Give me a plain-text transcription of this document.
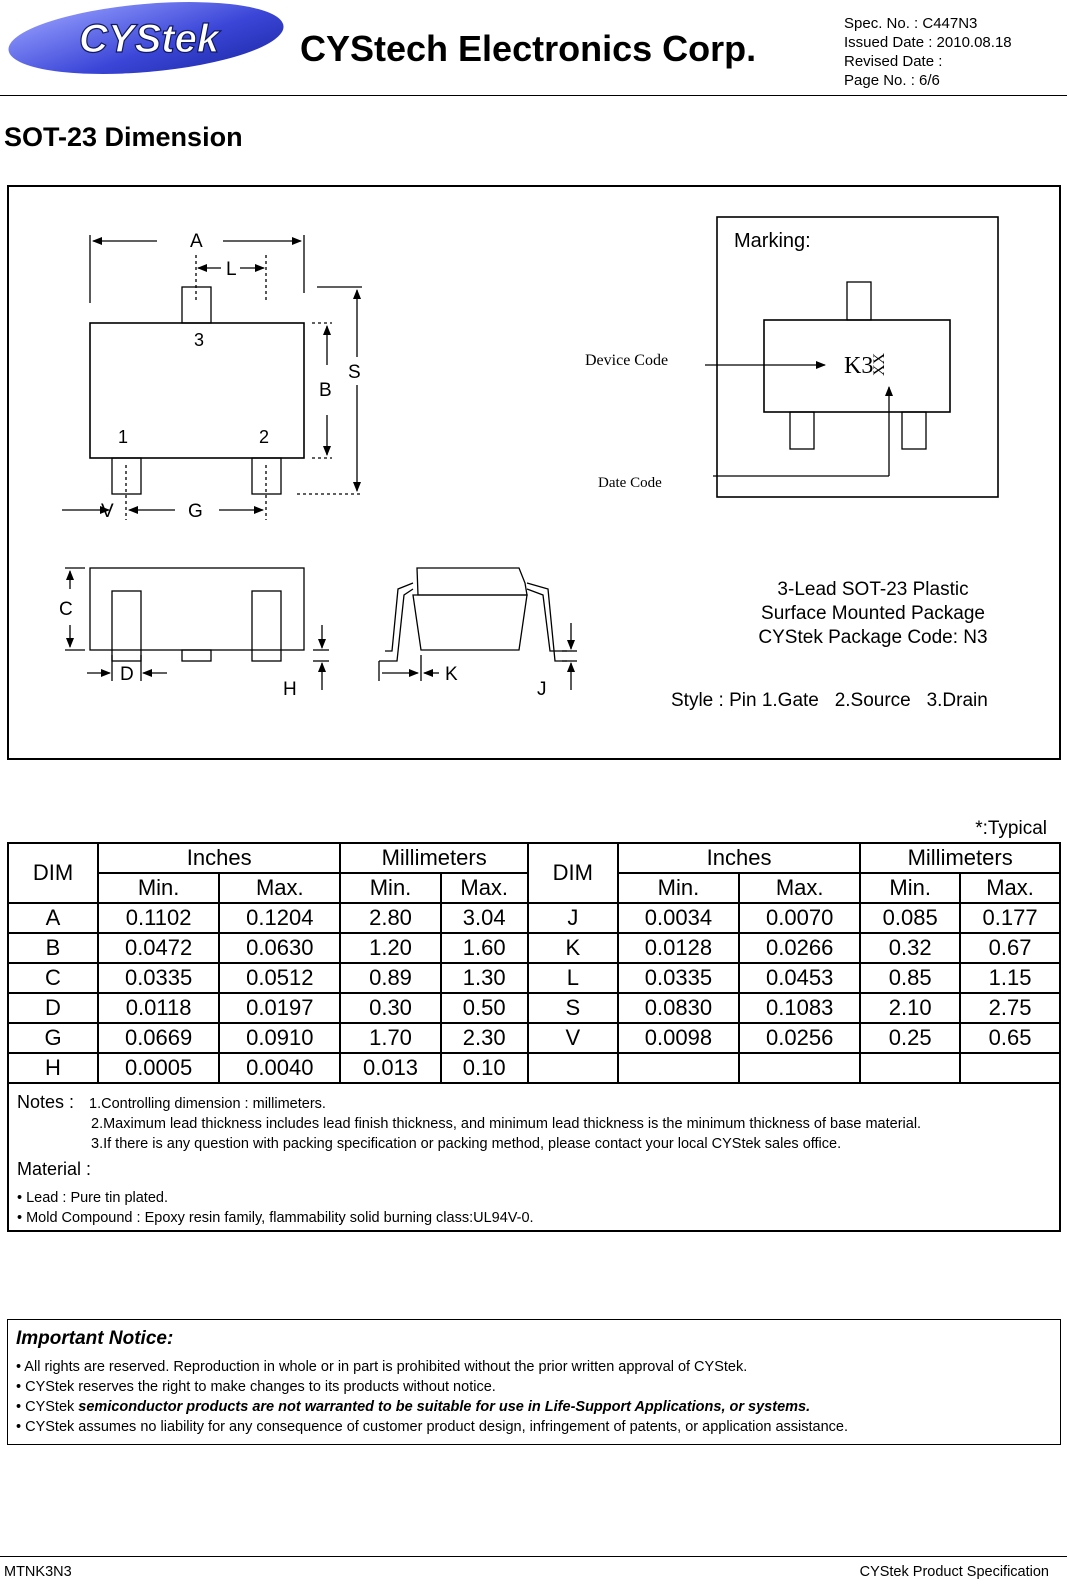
CYStek CYStech Electronics Corp.
Spec. No. : C447N3
Issued Date : 2010.08.18
Revised Date :
Page No. : 6/6
SOT-23 Dimension
A
L
S
B
V	G
3
1	2
C
D
H
K
J
Marking:
Device Code
Date Code
K3
XX
3-Lead SOT-23 Plastic
Surface Mounted Package
CYStek Package Code: N3
Style : Pin 1.Gate   2.Source   3.Drain
*:Typical
DIM	Inches		Millimeters		DIM	Inches		Millimeters	
	Min.	Max.	Min.	Max.		Min.	Max.	Min.	Max.
A	0.1102	0.1204	2.80	3.04	J	0.0034	0.0070	0.085	0.177
B	0.0472	0.0630	1.20	1.60	K	0.0128	0.0266	0.32	0.67
C	0.0335	0.0512	0.89	1.30	L	0.0335	0.0453	0.85	1.15
D	0.0118	0.0197	0.30	0.50	S	0.0830	0.1083	2.10	2.75
G	0.0669	0.0910	1.70	2.30	V	0.0098	0.0256	0.25	0.65
H	0.0005	0.0040	0.013	0.10					
Notes : 1.Controlling dimension : millimeters.
2.Maximum lead thickness includes lead finish thickness, and minimum lead thickness is the minimum thickness of base material.
3.If there is any question with packing specification or packing method, please contact your local CYStek sales office.
Material :
• Lead : Pure tin plated.
• Mold Compound : Epoxy resin family, flammability solid burning class:UL94V-0.
Important Notice:
• All rights are reserved. Reproduction in whole or in part is prohibited without the prior written approval of CYStek.
• CYStek reserves the right to make changes to its products without notice.
• CYStek semiconductor products are not warranted to be suitable for use in Life-Support Applications, or systems.
• CYStek assumes no liability for any consequence of customer product design, infringement of patents, or application assistance.
MTNK3N3	CYStek Product Specification
